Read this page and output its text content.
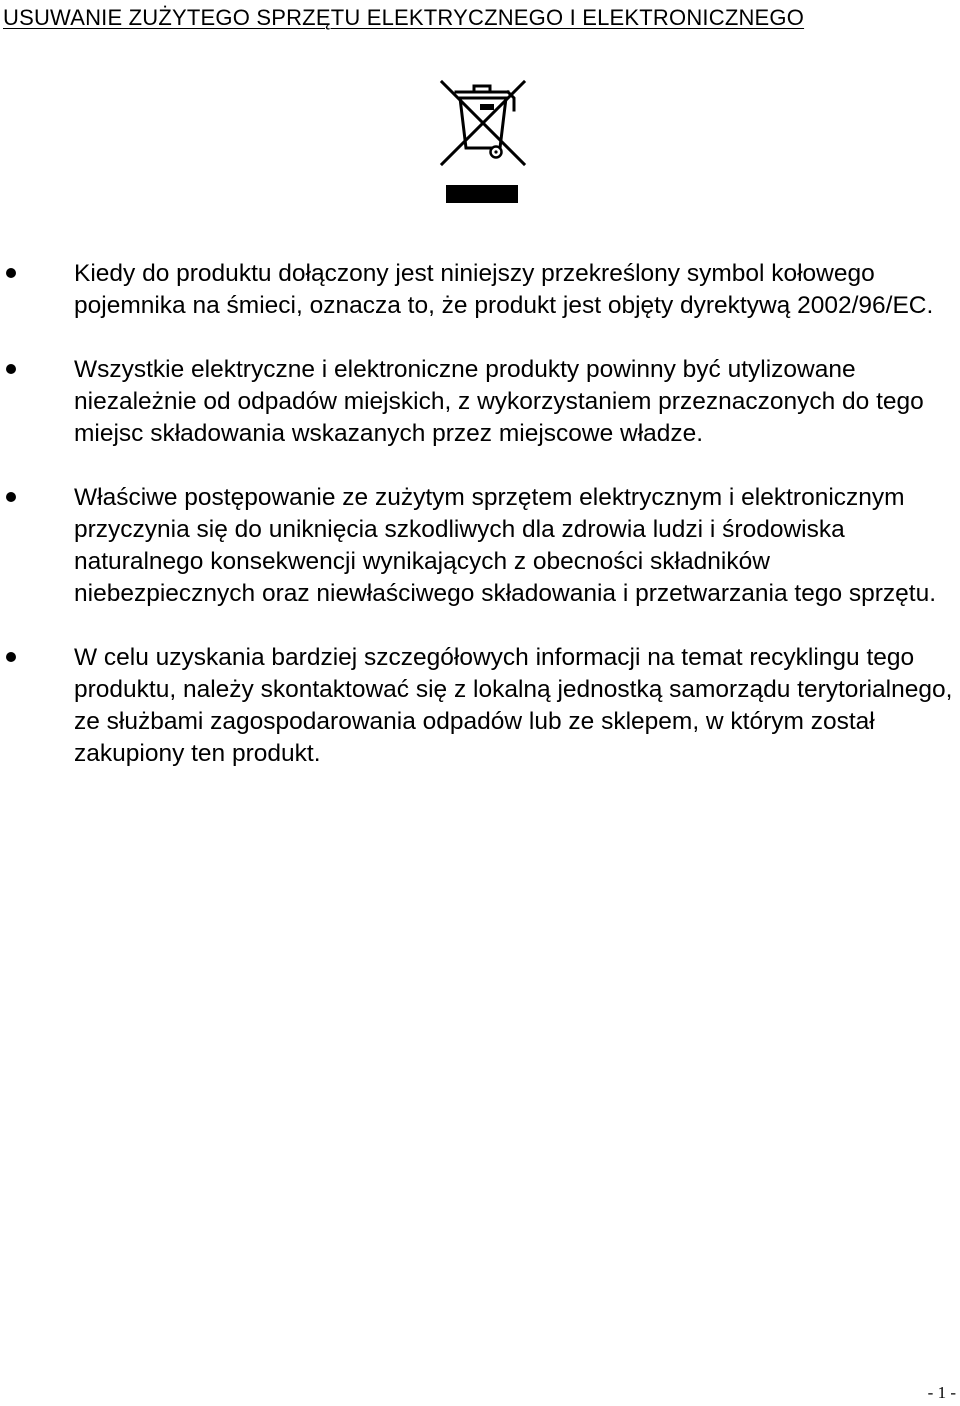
USUWANIE ZUŻYTEGO SPRZĘTU ELEKTRYCZNEGO I ELEKTRONICZNEGO
Kiedy do produktu dołączony jest niniejszy przekreślony symbol kołowego pojemnika na śmieci, oznacza to, że produkt jest objęty dyrektywą 2002/96/EC.
Wszystkie elektryczne i elektroniczne produkty powinny być utylizowane niezależnie od odpadów miejskich, z wykorzystaniem przeznaczonych do tego miejsc składowania wskazanych przez miejscowe władze.
Właściwe postępowanie ze zużytym sprzętem elektrycznym i elektronicznym przyczynia się do uniknięcia szkodliwych dla zdrowia ludzi i środowiska naturalnego konsekwencji wynikających z obecności składników niebezpiecznych oraz niewłaściwego składowania i przetwarzania tego sprzętu.
W celu uzyskania bardziej szczegółowych informacji na temat recyklingu tego produktu, należy skontaktować się z lokalną jednostką samorządu terytorialnego, ze służbami zagospodarowania odpadów lub ze sklepem, w którym został zakupiony ten produkt.
- 1 -
